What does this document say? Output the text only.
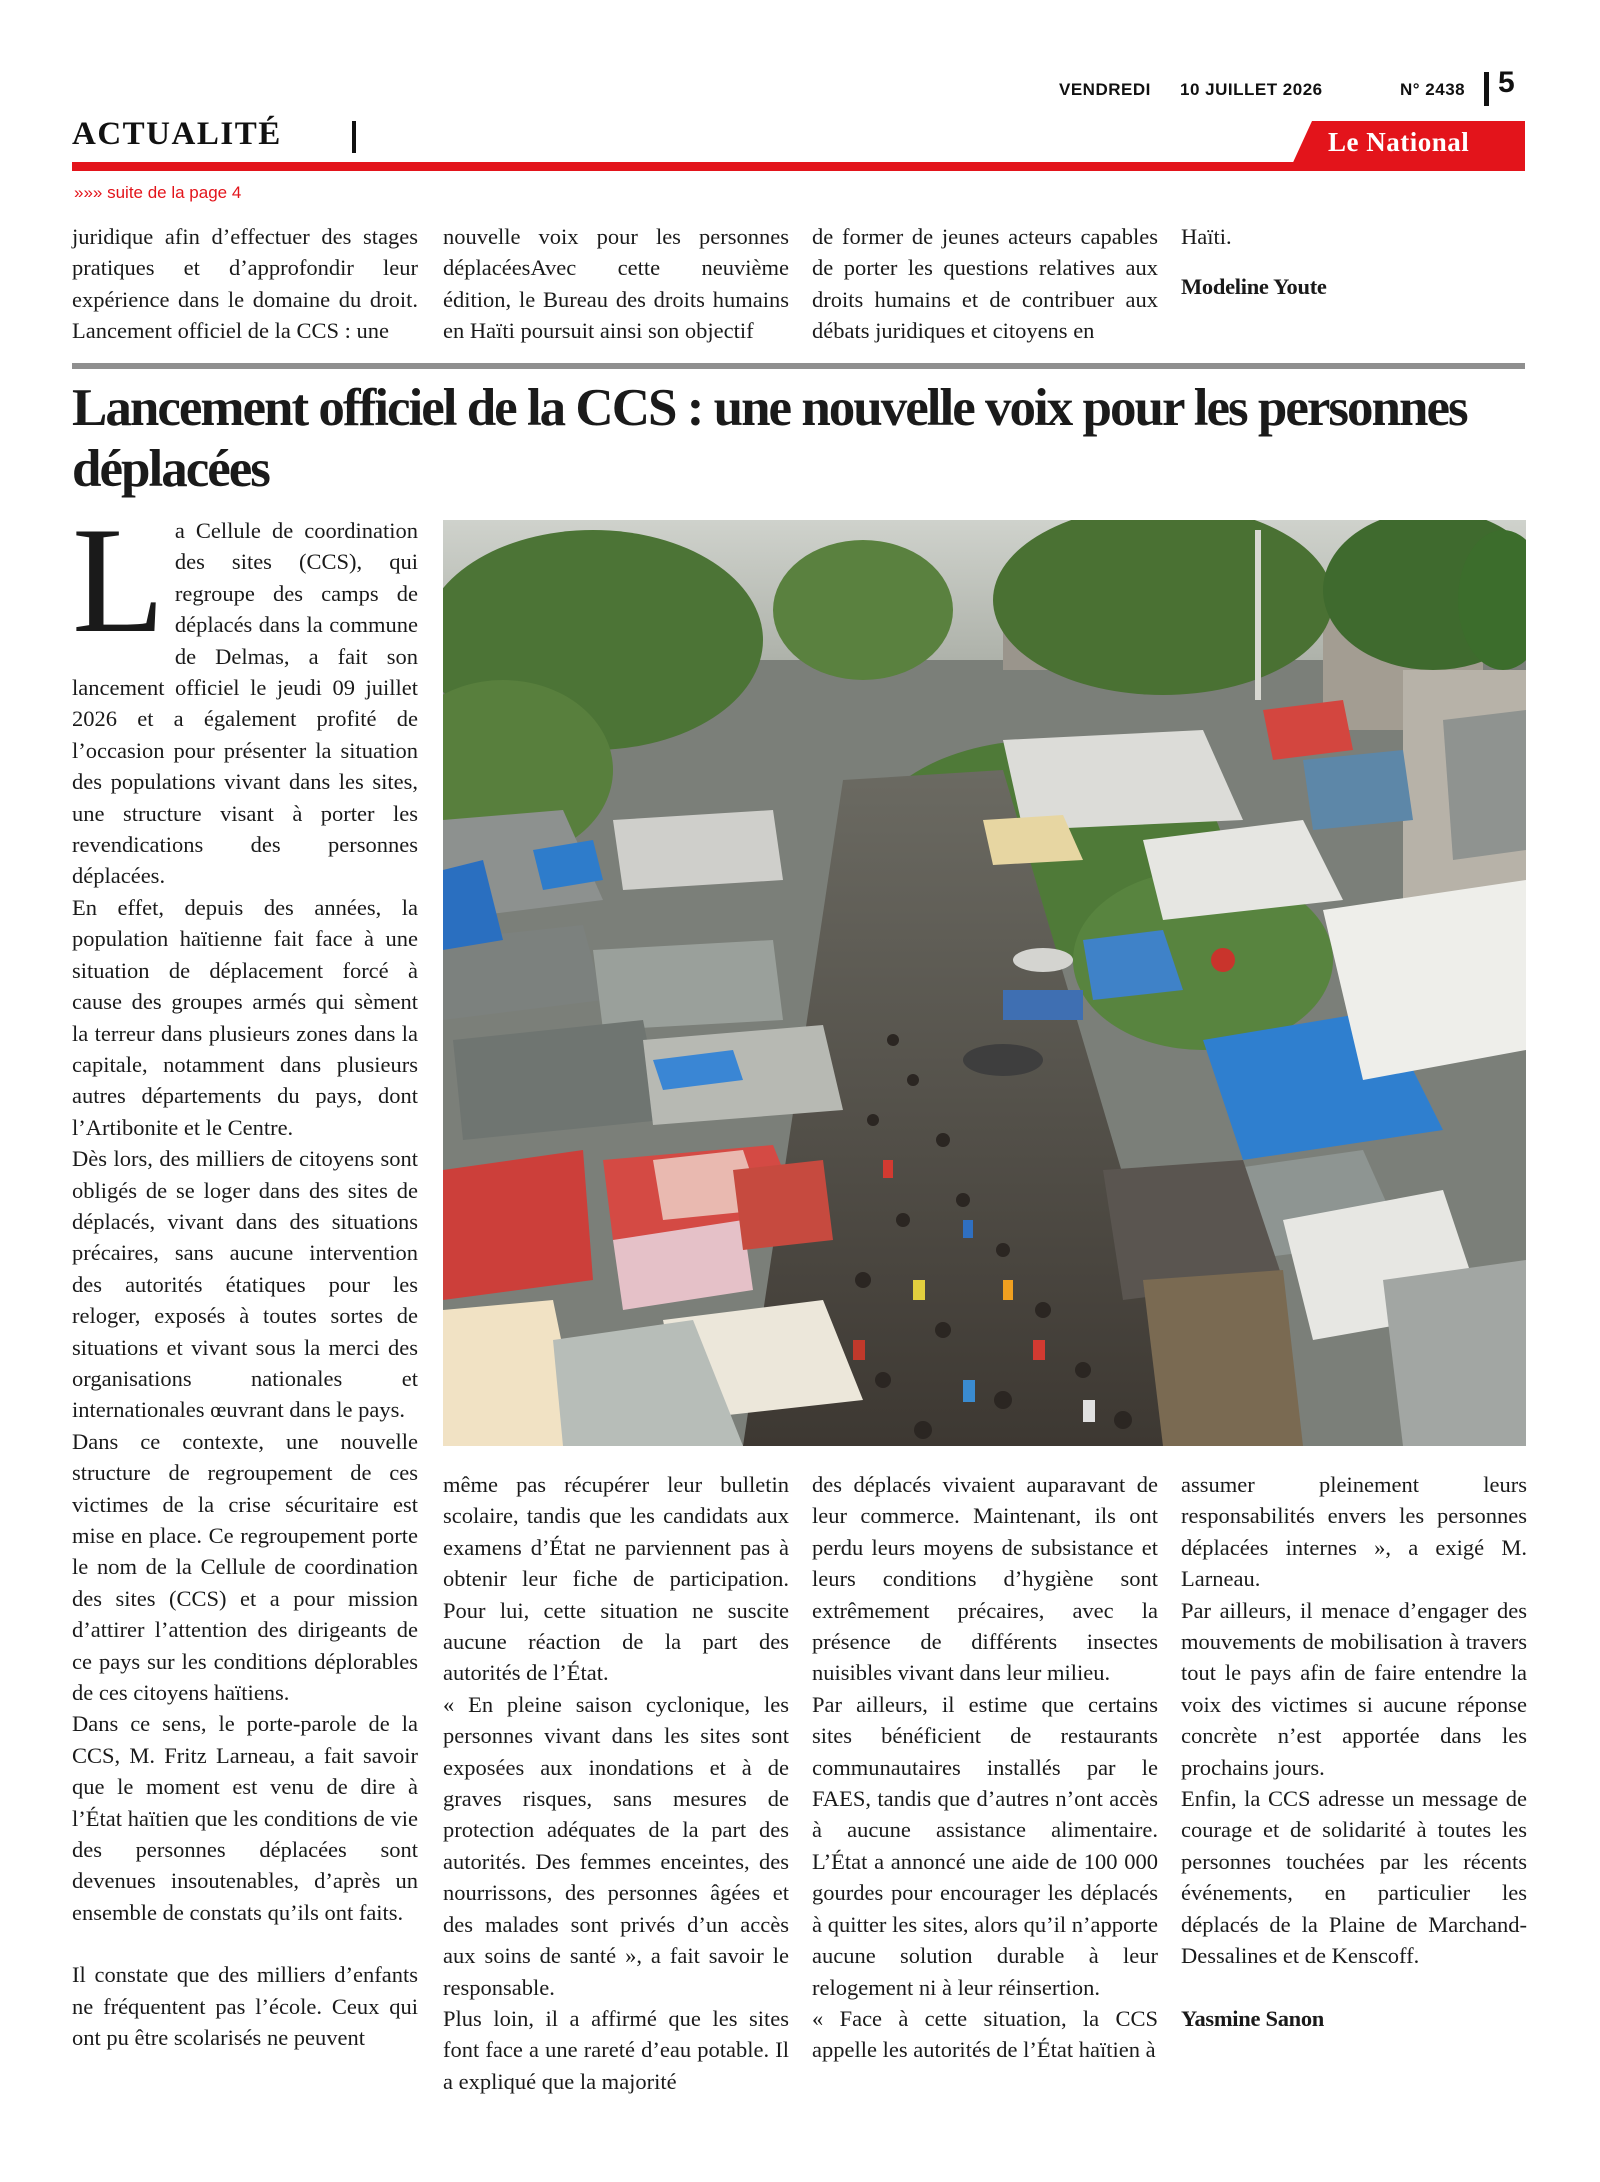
VENDREDI 10 JUILLET 2026	N° 2438 5
ACTUALITÉ	Le National
»»» suite de la page 4

juridique afin d’effectuer des stages pratiques et d’approfondir leur expérience dans le domaine du droit. Lancement officiel de la CCS : une

nouvelle voix pour les personnes déplacéesAvec cette neuvième édition, le Bureau des droits humains en Haïti poursuit ainsi son objectif

de former de jeunes acteurs capables de porter les questions relatives aux droits humains et de contribuer aux débats juridiques et citoyens en

Haïti.

Modeline Youte

Lancement officiel de la CCS : une nouvelle voix pour les personnes déplacées

La Cellule de coordination des sites (CCS), qui regroupe des camps de déplacés dans la commune de Delmas, a fait son lancement officiel le jeudi 09 juillet 2026 et a également profité de l’occasion pour présenter la situation des populations vivant dans les sites, une structure visant à porter les revendications des personnes déplacées.

En effet, depuis des années, la population haïtienne fait face à une situation de déplacement forcé à cause des groupes armés qui sèment la terreur dans plusieurs zones dans la capitale, notamment dans plusieurs autres départements du pays, dont l’Artibonite et le Centre.

Dès lors, des milliers de citoyens sont obligés de se loger dans des sites de déplacés, vivant dans des situations précaires, sans aucune intervention des autorités étatiques pour les reloger, exposés à toutes sortes de situations et vivant sous la merci des organisations nationales et internationales œuvrant dans le pays.

Dans ce contexte, une nouvelle structure de regroupement de ces victimes de la crise sécuritaire est mise en place. Ce regroupement porte le nom de la Cellule de coordination des sites (CCS) et a pour mission d’attirer l’attention des dirigeants de ce pays sur les conditions déplorables de ces citoyens haïtiens.

Dans ce sens, le porte-parole de la CCS, M. Fritz Larneau, a fait savoir que le moment est venu de dire à l’État haïtien que les conditions de vie des personnes déplacées sont devenues insoutenables, d’après un ensemble de constats qu’ils ont faits.

Il constate que des milliers d’enfants ne fréquentent pas l’école. Ceux qui ont pu être scolarisés ne peuvent

même pas récupérer leur bulletin scolaire, tandis que les candidats aux examens d’État ne parviennent pas à obtenir leur fiche de participation. Pour lui, cette situation ne suscite aucune réaction de la part des autorités de l’État.

« En pleine saison cyclonique, les personnes vivant dans les sites sont exposées aux inondations et à de graves risques, sans mesures de protection adéquates de la part des autorités. Des femmes enceintes, des nourrissons, des personnes âgées et des malades sont privés d’un accès aux soins de santé », a fait savoir le responsable.

Plus loin, il a affirmé que les sites font face a une rareté d’eau potable. Il a expliqué que la majorité

des déplacés vivaient auparavant de leur commerce. Maintenant, ils ont perdu leurs moyens de subsistance et leurs conditions d’hygiène sont extrêmement précaires, avec la présence de différents insectes nuisibles vivant dans leur milieu.

Par ailleurs, il estime que certains sites bénéficient de restaurants communautaires installés par le FAES, tandis que d’autres n’ont accès à aucune assistance alimentaire. L’État a annoncé une aide de 100 000 gourdes pour encourager les déplacés à quitter les sites, alors qu’il n’apporte aucune solution durable à leur relogement ni à leur réinsertion.

« Face à cette situation, la CCS appelle les autorités de l’État haïtien à

assumer pleinement leurs responsabilités envers les personnes déplacées internes », a exigé M. Larneau.

Par ailleurs, il menace d’engager des mouvements de mobilisation à travers tout le pays afin de faire entendre la voix des victimes si aucune réponse concrète n’est apportée dans les prochains jours.

Enfin, la CCS adresse un message de courage et de solidarité à toutes les personnes touchées par les récents événements, en particulier les déplacés de la Plaine de Marchand-Dessalines et de Kenscoff.

Yasmine Sanon
